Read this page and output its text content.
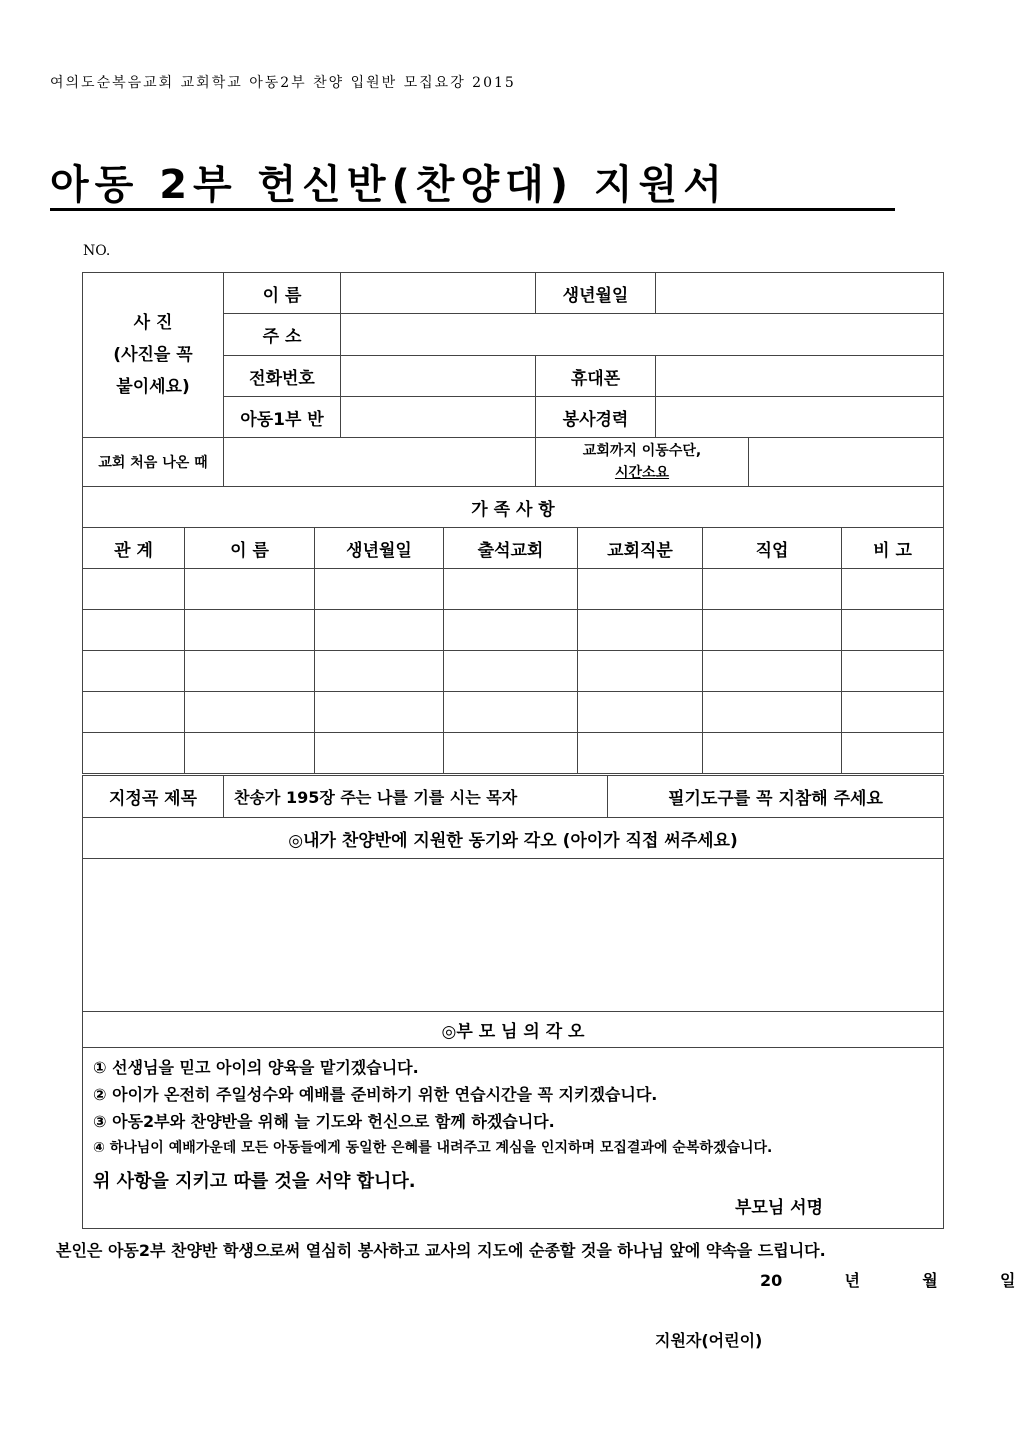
여의도순복음교회 교회학교 아동2부 찬양 입원반 모집요강 2015
아동 2부 헌신반(찬양대) 지원서
NO.
사 진
(사진을 꼭
붙이세요)	이 름		생년월일		
	주 소				
	전화번호		휴대폰		
	아동1부 반		봉사경력		
교회 처음 나온 때			교회까지 이동수단,
시간소요		

가 족 사 항						
관 계	이 름	생년월일	출석교회	교회직분	직업	비 고

지정곡 제목	찬송가 195장 주는 나를 기를 시는 목자	필기도구를 꼭 지참해 주세요
◎내가 찬양반에 지원한 동기와 각오 (아이가 직접 써주세요)

◎부 모 님 의 각 오

① 선생님을 믿고 아이의 양육을 맡기겠습니다.
② 아이가 온전히 주일성수와 예배를 준비하기 위한 연습시간을 꼭 지키겠습니다.
③ 아동2부와 찬양반을 위해 늘 기도와 헌신으로 함께 하겠습니다.
④ 하나님이 예배가운데 모든 아동들에게 동일한 은혜를 내려주고 계심을 인지하며 모집결과에 순복하겠습니다.
위 사항을 지키고 따를 것을 서약 합니다.
부모님 서명
본인은 아동2부 찬양반 학생으로써 열심히 봉사하고 교사의 지도에 순종할 것을 하나님 앞에 약속을 드립니다.
20    년    월    일
지원자(어린이)
